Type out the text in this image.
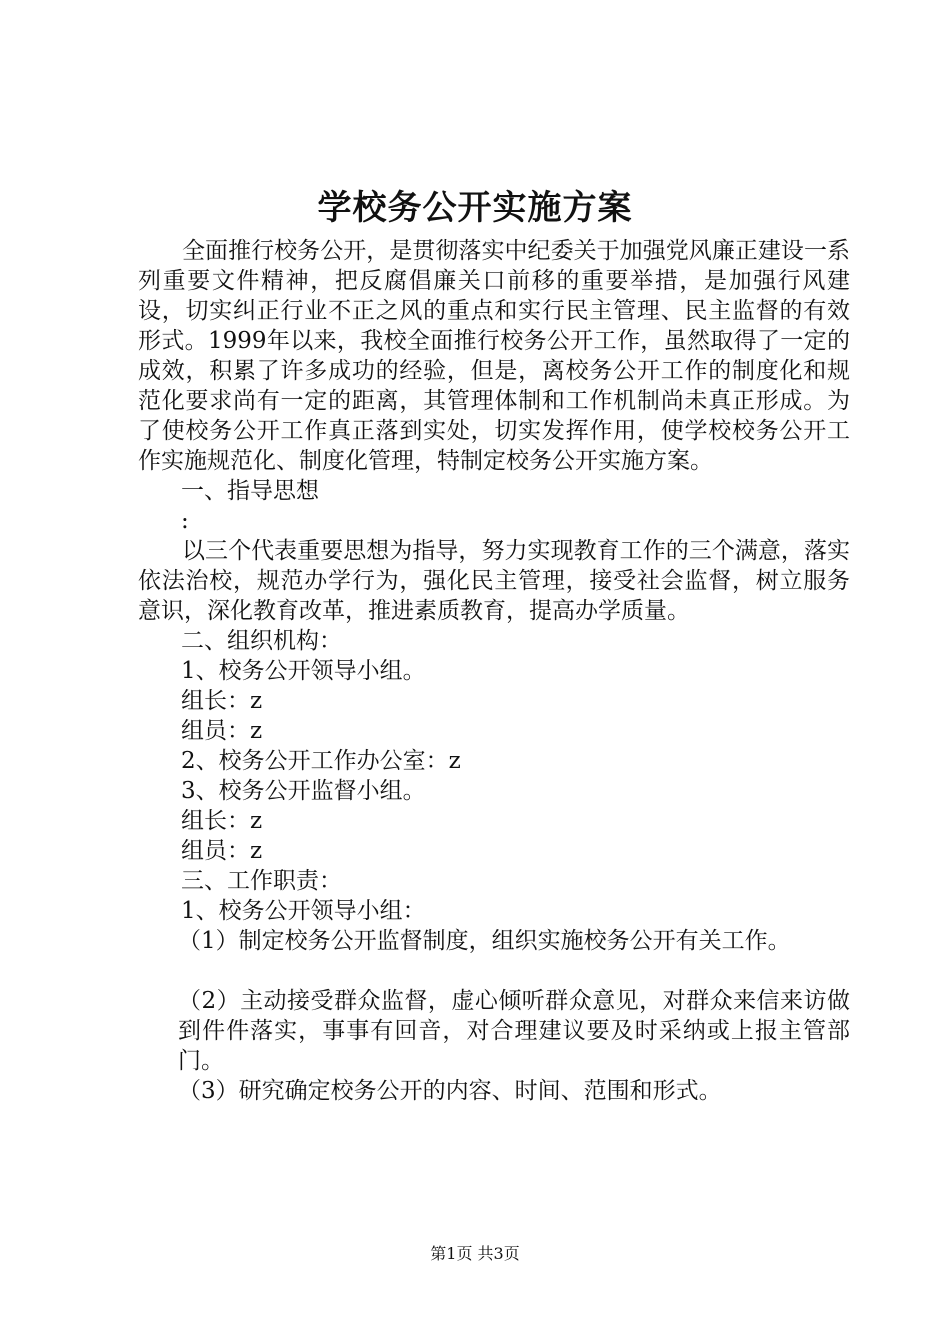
学校务公开实施方案

全面推行校务公开，是贯彻落实中纪委关于加强党风廉正建设一系列重要文件精神，把反腐倡廉关口前移的重要举措，是加强行风建设，切实纠正行业不正之风的重点和实行民主管理、民主监督的有效形式。1999年以来，我校全面推行校务公开工作，虽然取得了一定的成效，积累了许多成功的经验，但是，离校务公开工作的制度化和规范化要求尚有一定的距离，其管理体制和工作机制尚未真正形成。为了使校务公开工作真正落到实处，切实发挥作用，使学校校务公开工作实施规范化、制度化管理，特制定校务公开实施方案。

一、指导思想

:

以三个代表重要思想为指导，努力实现教育工作的三个满意，落实依法治校，规范办学行为，强化民主管理，接受社会监督，树立服务意识，深化教育改革，推进素质教育，提高办学质量。

二、组织机构：

1、校务公开领导小组。

组长：z

组员：z

2、校务公开工作办公室：z

3、校务公开监督小组。

组长：z

组员：z

三、工作职责：

1、校务公开领导小组：

（1）制定校务公开监督制度，组织实施校务公开有关工作。

（2）主动接受群众监督，虚心倾听群众意见，对群众来信来访做到件件落实，事事有回音，对合理建议要及时采纳或上报主管部门。

（3）研究确定校务公开的内容、时间、范围和形式。

第1页 共3页
